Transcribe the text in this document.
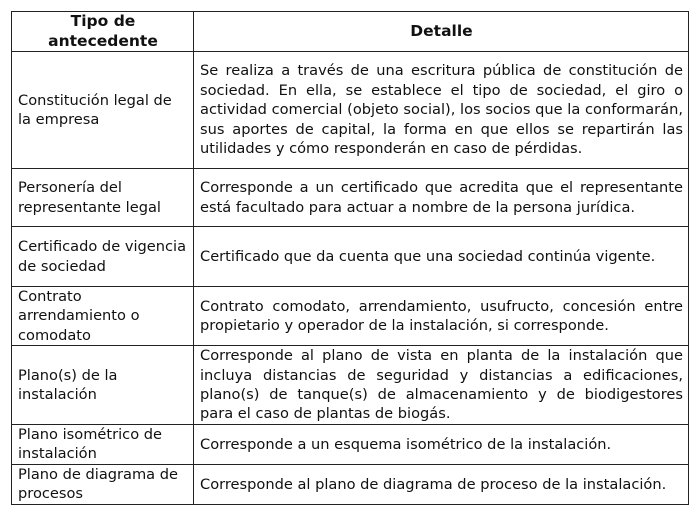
Tipo de antecedente	Detalle
Constitución legal de la empresa	Se realiza a través de una escritura pública de constitución de sociedad. En ella, se establece el tipo de sociedad, el giro o actividad comercial (objeto social), los socios que la conformarán, sus aportes de capital, la forma en que ellos se repartirán las utilidades y cómo responderán en caso de pérdidas.
Personería del representante legal	Corresponde a un certificado que acredita que el representante está facultado para actuar a nombre de la persona jurídica.
Certificado de vigencia de sociedad	Certificado que da cuenta que una sociedad continúa vigente.
Contrato arrendamiento o comodato	Contrato comodato, arrendamiento, usufructo, concesión entre propietario y operador de la instalación, si corresponde.
Plano(s) de la instalación	Corresponde al plano de vista en planta de la instalación que incluya distancias de seguridad y distancias a edificaciones, plano(s) de tanque(s) de almacenamiento y de biodigestores para el caso de plantas de biogás.
Plano isométrico de instalación	Corresponde a un esquema isométrico de la instalación.
Plano de diagrama de procesos	Corresponde al plano de diagrama de proceso de la instalación.
